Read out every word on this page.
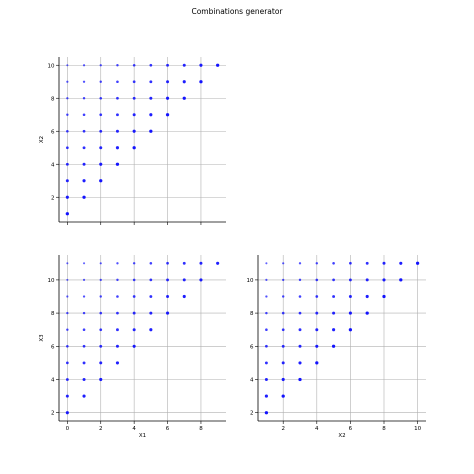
Combinations generator
2
4
6
8
10
X2
0	2	4	6	8
2
4
6
8
10
X1
X3
2	4	6	8	10
2
4
6
8
10
X2
